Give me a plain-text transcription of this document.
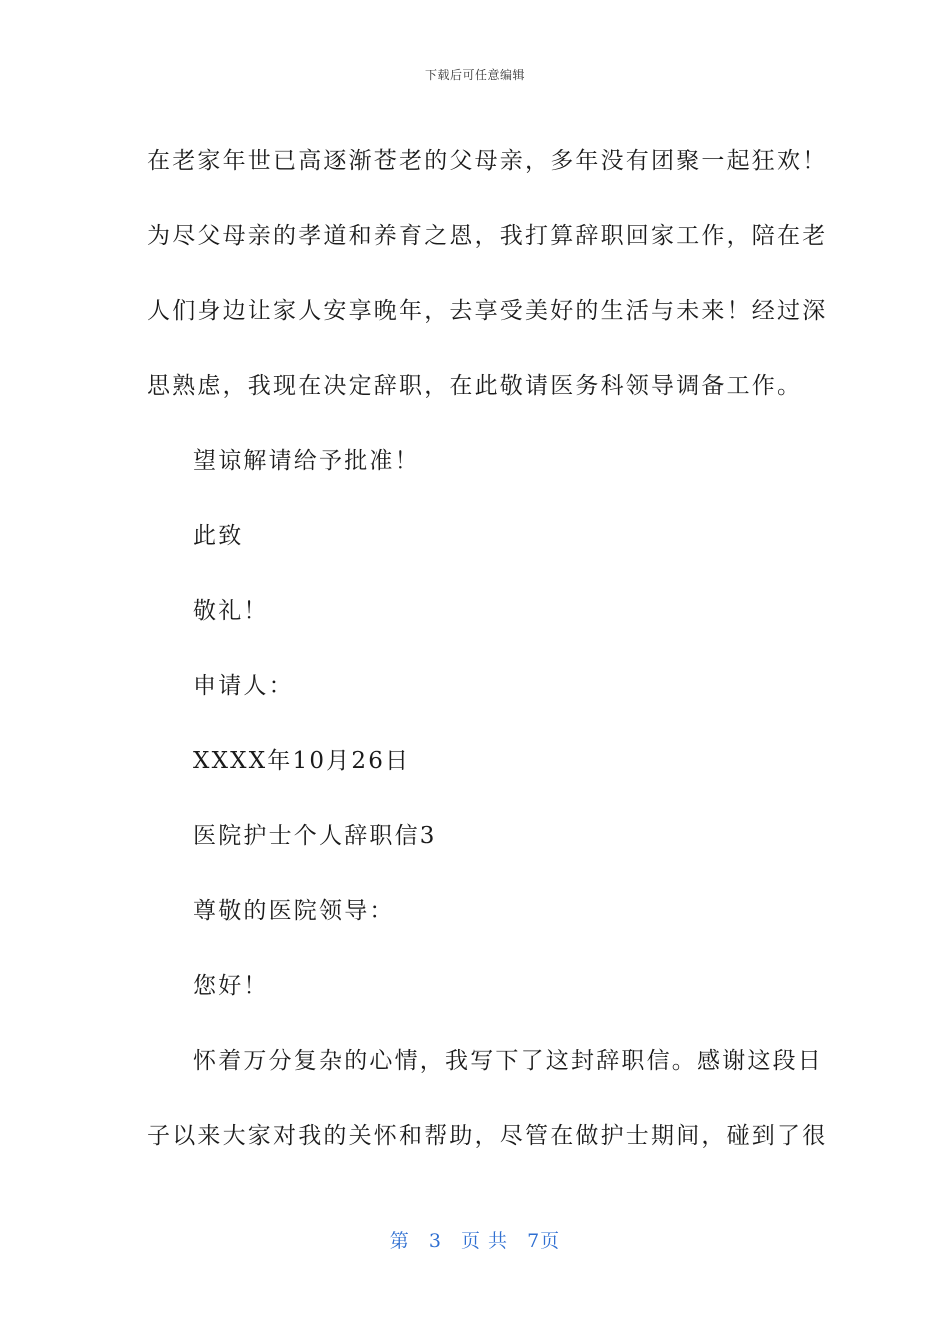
下载后可任意编辑
在老家年世已高逐渐苍老的父母亲，多年没有团聚一起狂欢！
为尽父母亲的孝道和养育之恩，我打算辞职回家工作，陪在老
人们身边让家人安享晚年，去享受美好的生活与未来！经过深
思熟虑，我现在决定辞职，在此敬请医务科领导调备工作。
望谅解请给予批准！
此致
敬礼！
申请人：
XXXX年10月26日
医院护士个人辞职信3
尊敬的医院领导：
您好！
怀着万分复杂的心情，我写下了这封辞职信。感谢这段日
子以来大家对我的关怀和帮助，尽管在做护士期间，碰到了很
第 3 页 共 7页
